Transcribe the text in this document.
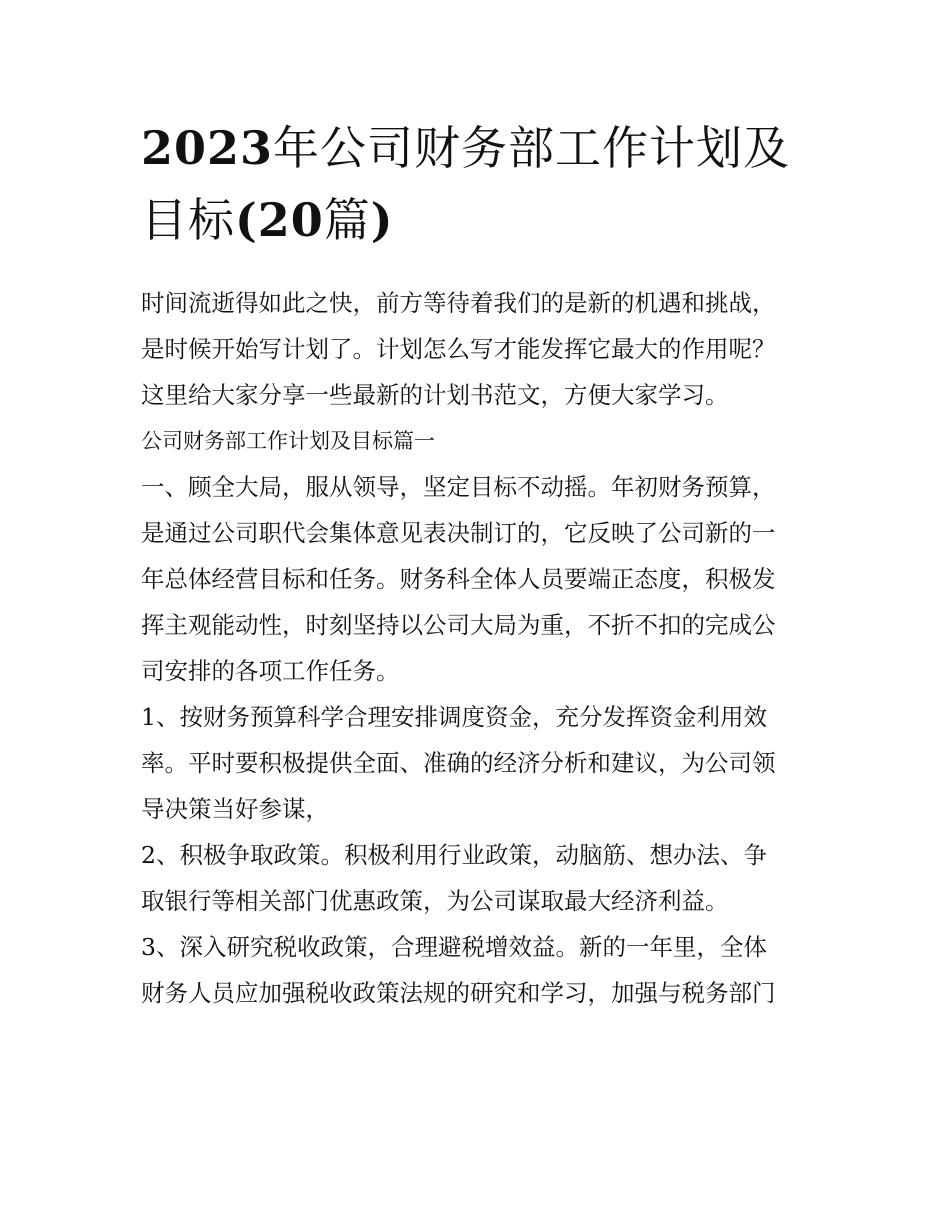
2023年公司财务部工作计划及
目标(20篇)

时间流逝得如此之快，前方等待着我们的是新的机遇和挑战，
是时候开始写计划了。计划怎么写才能发挥它最大的作用呢？
这里给大家分享一些最新的计划书范文，方便大家学习。

公司财务部工作计划及目标篇一

一、顾全大局，服从领导，坚定目标不动摇。年初财务预算，
是通过公司职代会集体意见表决制订的，它反映了公司新的一
年总体经营目标和任务。财务科全体人员要端正态度，积极发
挥主观能动性，时刻坚持以公司大局为重，不折不扣的完成公
司安排的各项工作任务。

1、按财务预算科学合理安排调度资金，充分发挥资金利用效
率。平时要积极提供全面、准确的经济分析和建议，为公司领
导决策当好参谋，

2、积极争取政策。积极利用行业政策，动脑筋、想办法、争
取银行等相关部门优惠政策，为公司谋取最大经济利益。

3、深入研究税收政策，合理避税增效益。新的一年里，全体
财务人员应加强税收政策法规的研究和学习，加强与税务部门
